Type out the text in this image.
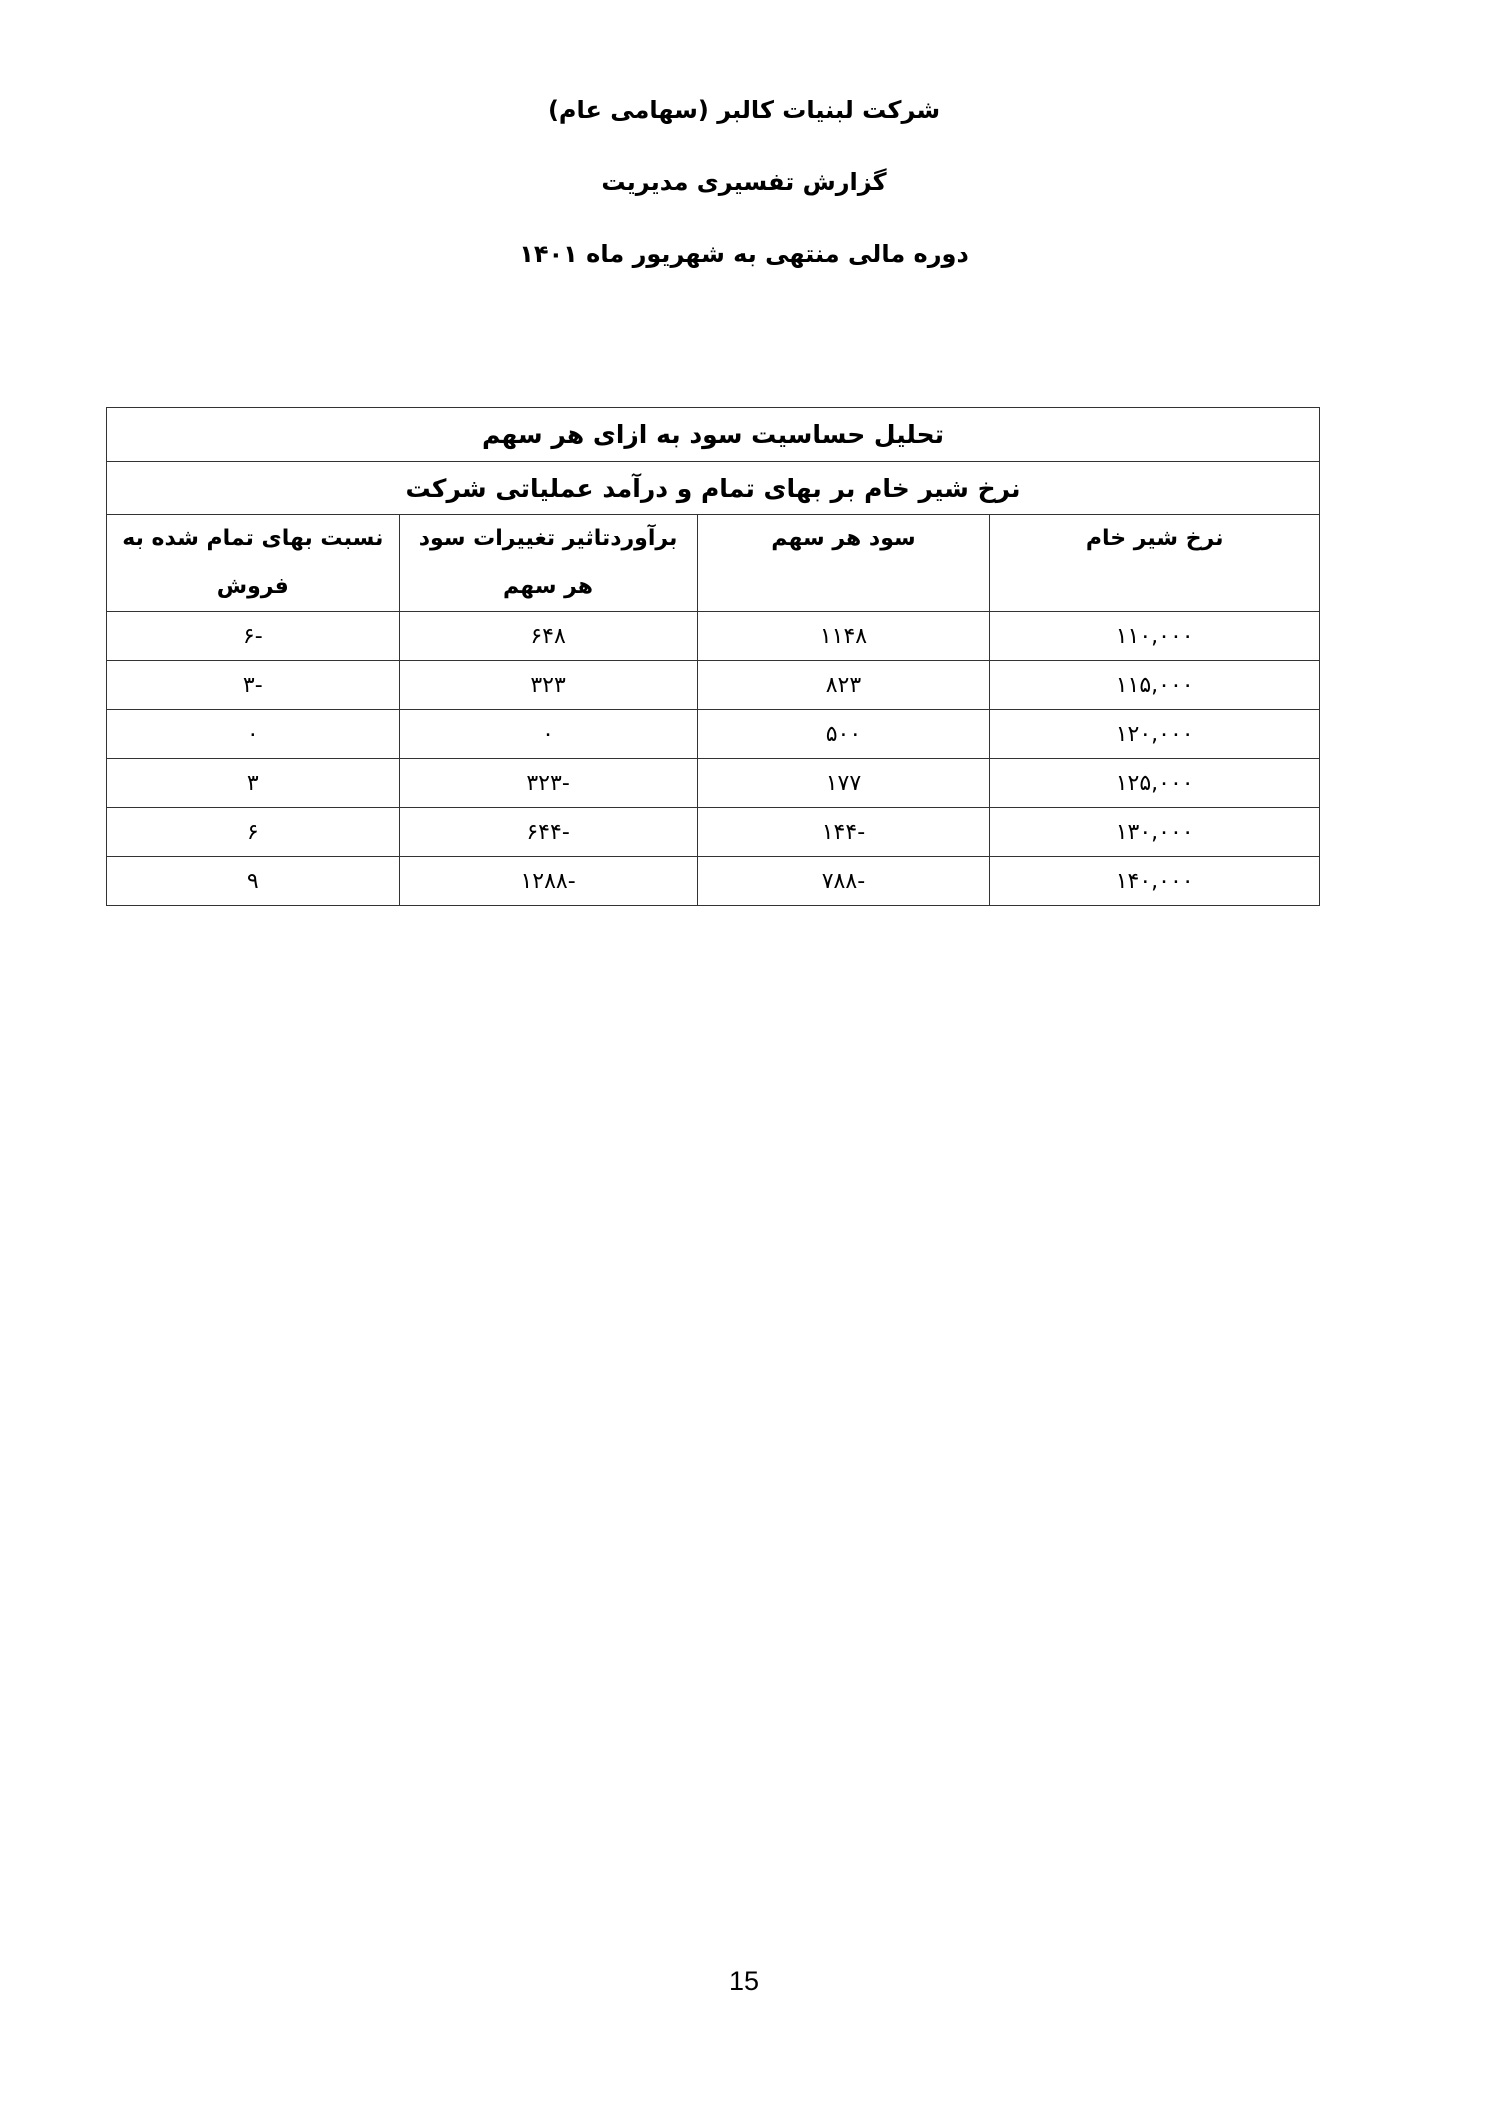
شرکت لبنیات کالبر (سهامی عام)
گزارش تفسیری مدیریت
دوره مالی منتهی به شهریور ماه ۱۴۰۱
تحلیل حساسیت سود به ازای هر سهم			
نرخ شیر خام بر بهای تمام و درآمد عملیاتی شرکت			
نرخ شیر خام	سود هر سهم	برآوردتاثیر تغییرات سود هر سهم	نسبت بهای تمام شده به فروش
۱۱۰,۰۰۰	۱۱۴۸	۶۴۸	-۶
۱۱۵,۰۰۰	۸۲۳	۳۲۳	-۳
۱۲۰,۰۰۰	۵۰۰	۰	۰
۱۲۵,۰۰۰	۱۷۷	-۳۲۳	۳
۱۳۰,۰۰۰	-۱۴۴	-۶۴۴	۶
۱۴۰,۰۰۰	-۷۸۸	-۱۲۸۸	۹
15
